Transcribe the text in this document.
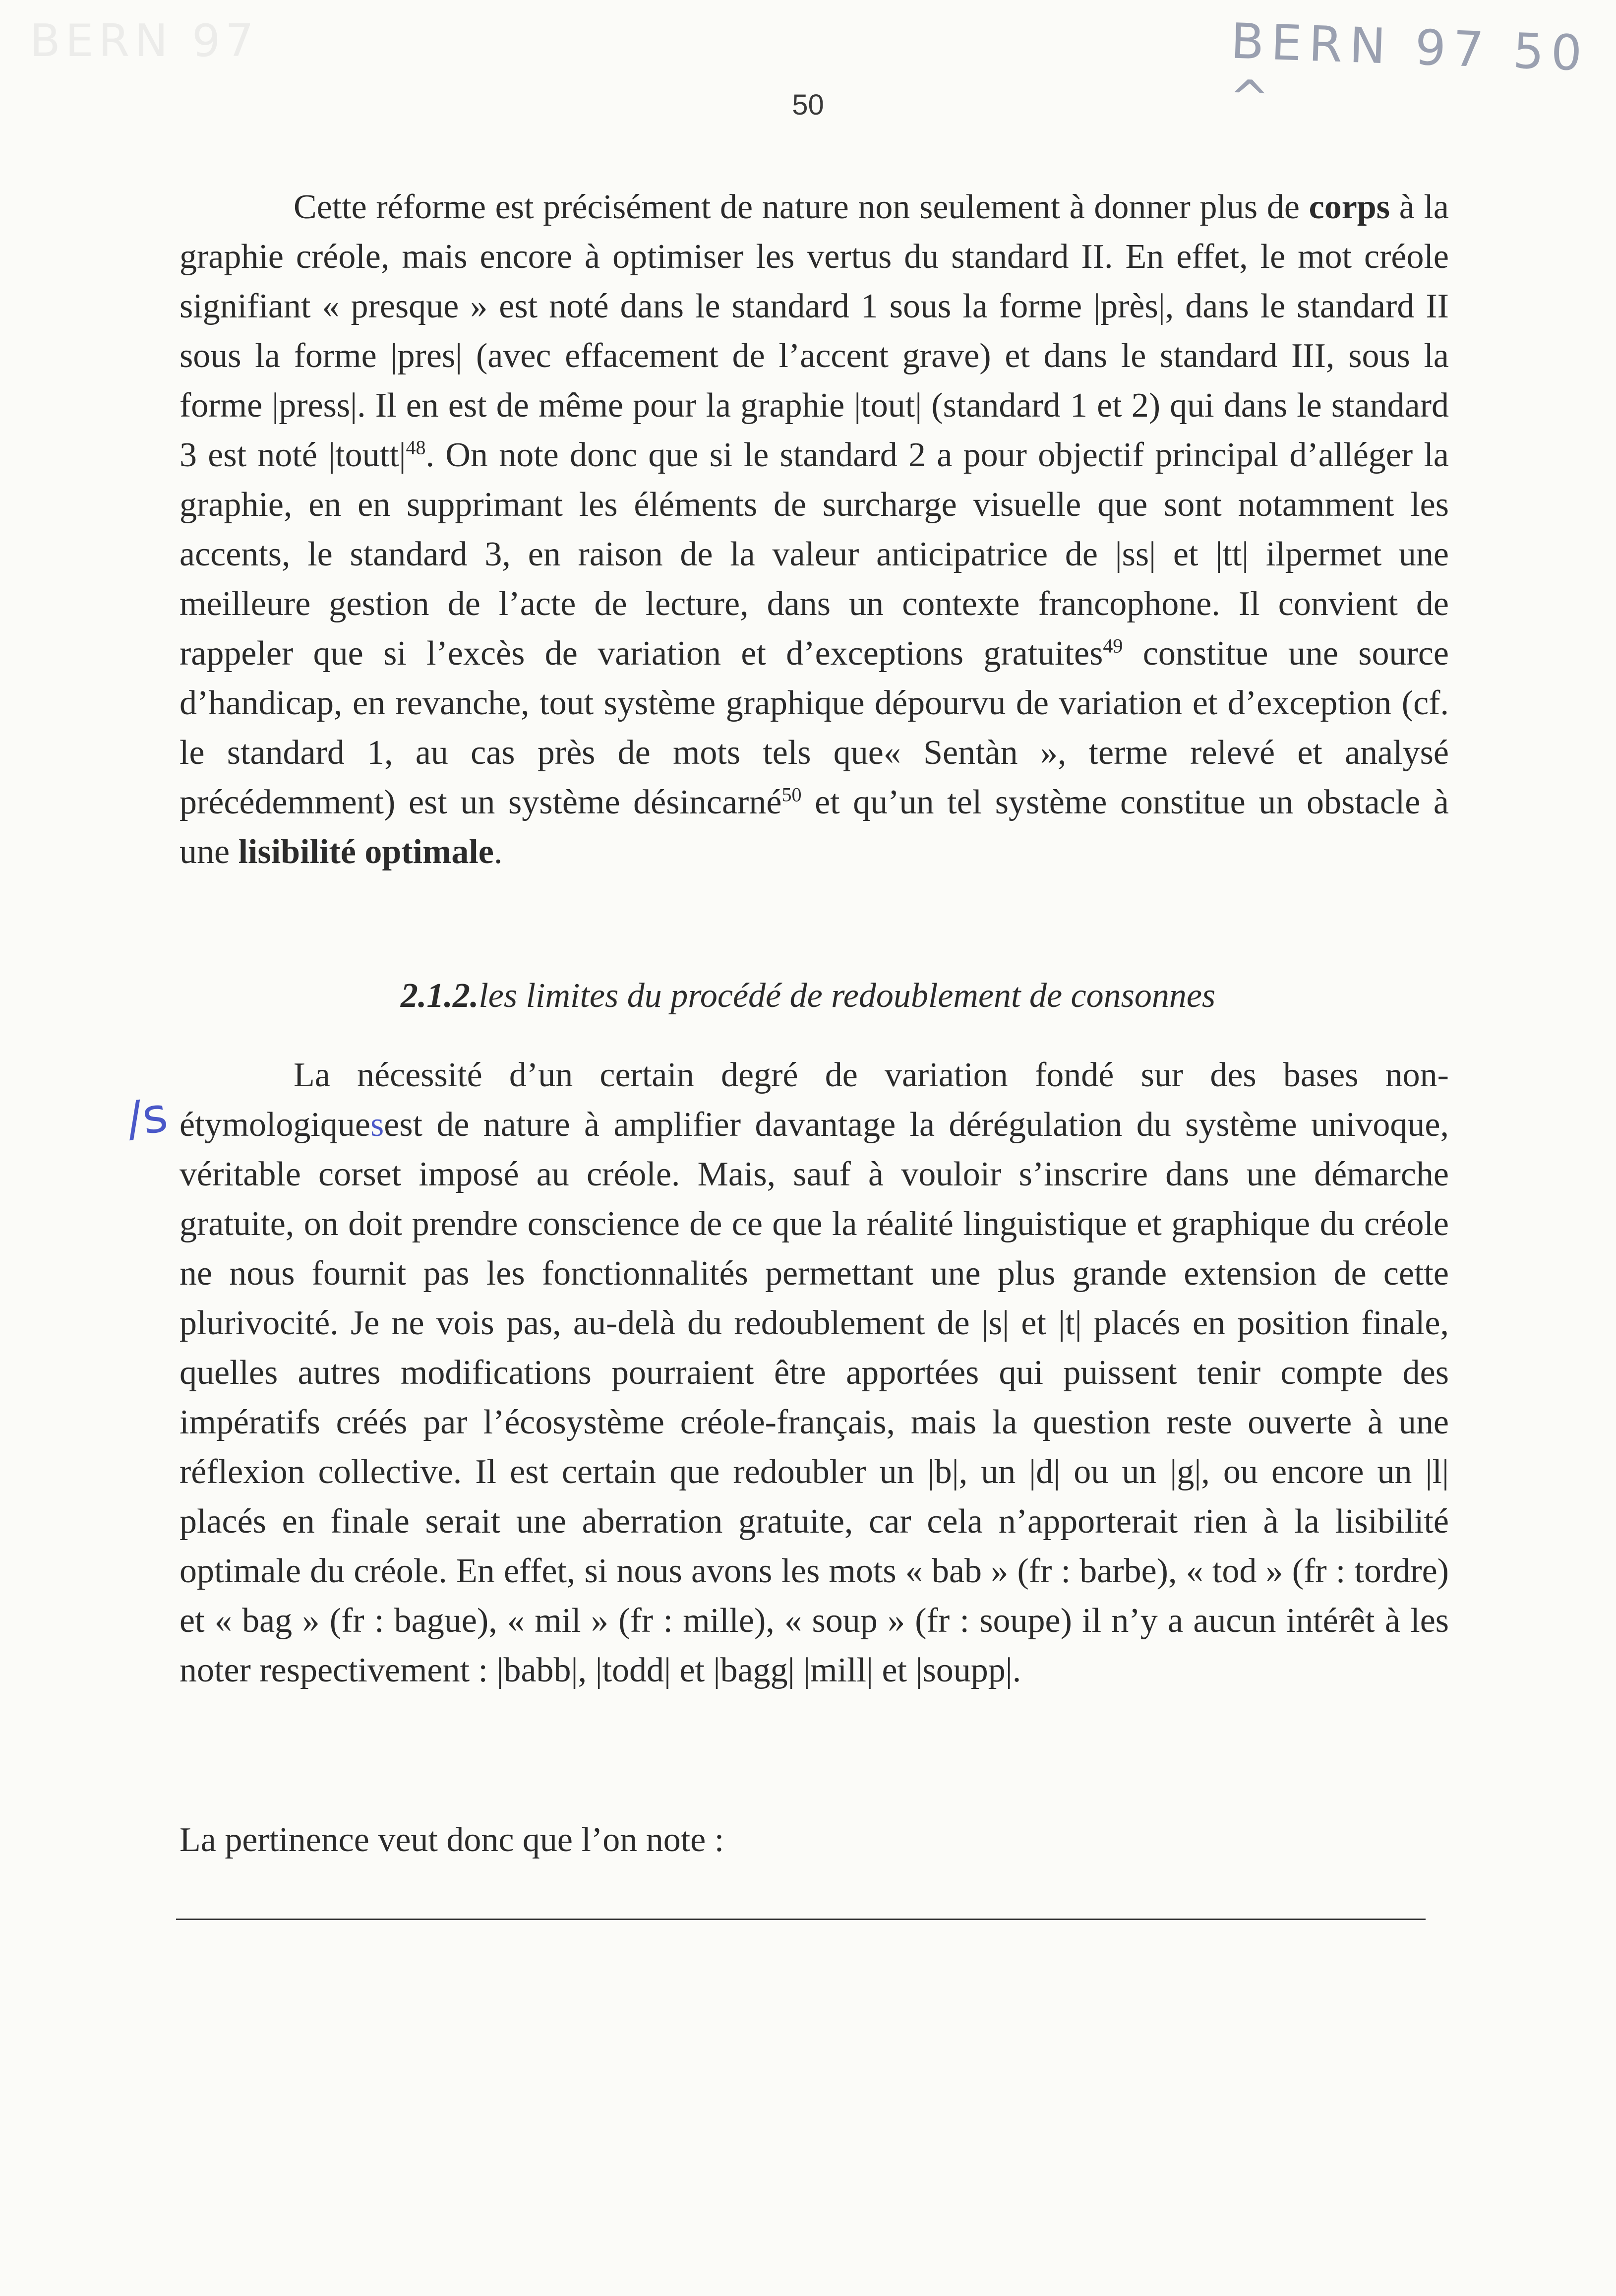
BERN 97	BERN 97 50 ^
50
Cette réforme est précisément de nature non seulement à donner plus de corps à la graphie créole, mais encore à optimiser les vertus du standard II. En effet, le mot créole signifiant « presque » est noté dans le standard 1 sous la forme |près|, dans le standard II sous la forme |pres| (avec effacement de l’accent grave) et dans le standard III, sous la forme |press|. Il en est de même pour la graphie |tout| (standard 1 et 2) qui dans le standard 3 est noté $|toutt|^{48}$. On note donc que si le standard 2 a pour objectif principal d’alléger la graphie, en en supprimant les éléments de surcharge visuelle que sont notamment les accents, le standard 3, en raison de la valeur anticipatrice de |ss| et |tt| ilpermet une meilleure gestion de l’acte de lecture, dans un contexte francophone. Il convient de rappeler que si l’excès de variation et d’exceptions gratuites$^{49}$ constitue une source d’handicap, en revanche, tout système graphique dépourvu de variation et d’exception (cf. le standard 1, au cas près de mots tels que« Sentàn », terme relevé et analysé précédemment) est un système désincarné$^{50}$ et qu’un tel système constitue un obstacle à une lisibilité optimale.
2.1.2.les limites du procédé de redoublement de consonnes
/s
La nécessité d’un certain degré de variation fondé sur des bases non-étymologiquesest de nature à amplifier davantage la dérégulation du système univoque, véritable corset imposé au créole. Mais, sauf à vouloir s’inscrire dans une démarche gratuite, on doit prendre conscience de ce que la réalité linguistique et graphique du créole ne nous fournit pas les fonctionnalités permettant une plus grande extension de cette plurivocité. Je ne vois pas, au-delà du redoublement de |s| et |t| placés en position finale, quelles autres modifications pourraient être apportées qui puissent tenir compte des impératifs créés par l’écosystème créole-français, mais la question reste ouverte à une réflexion collective. Il est certain que redoubler un |b|, un |d| ou un |g|, ou encore un |l| placés en finale serait une aberration gratuite, car cela n’apporterait rien à la lisibilité optimale du créole. En effet, si nous avons les mots « bab » (fr : barbe), « tod » (fr : tordre) et « bag » (fr : bague), « mil » (fr : mille), « soup » (fr : soupe) il n’y a aucun intérêt à les noter respectivement : |babb|, |todd| et |bagg| |mill| et |soupp|.
La pertinence veut donc que l’on note :
